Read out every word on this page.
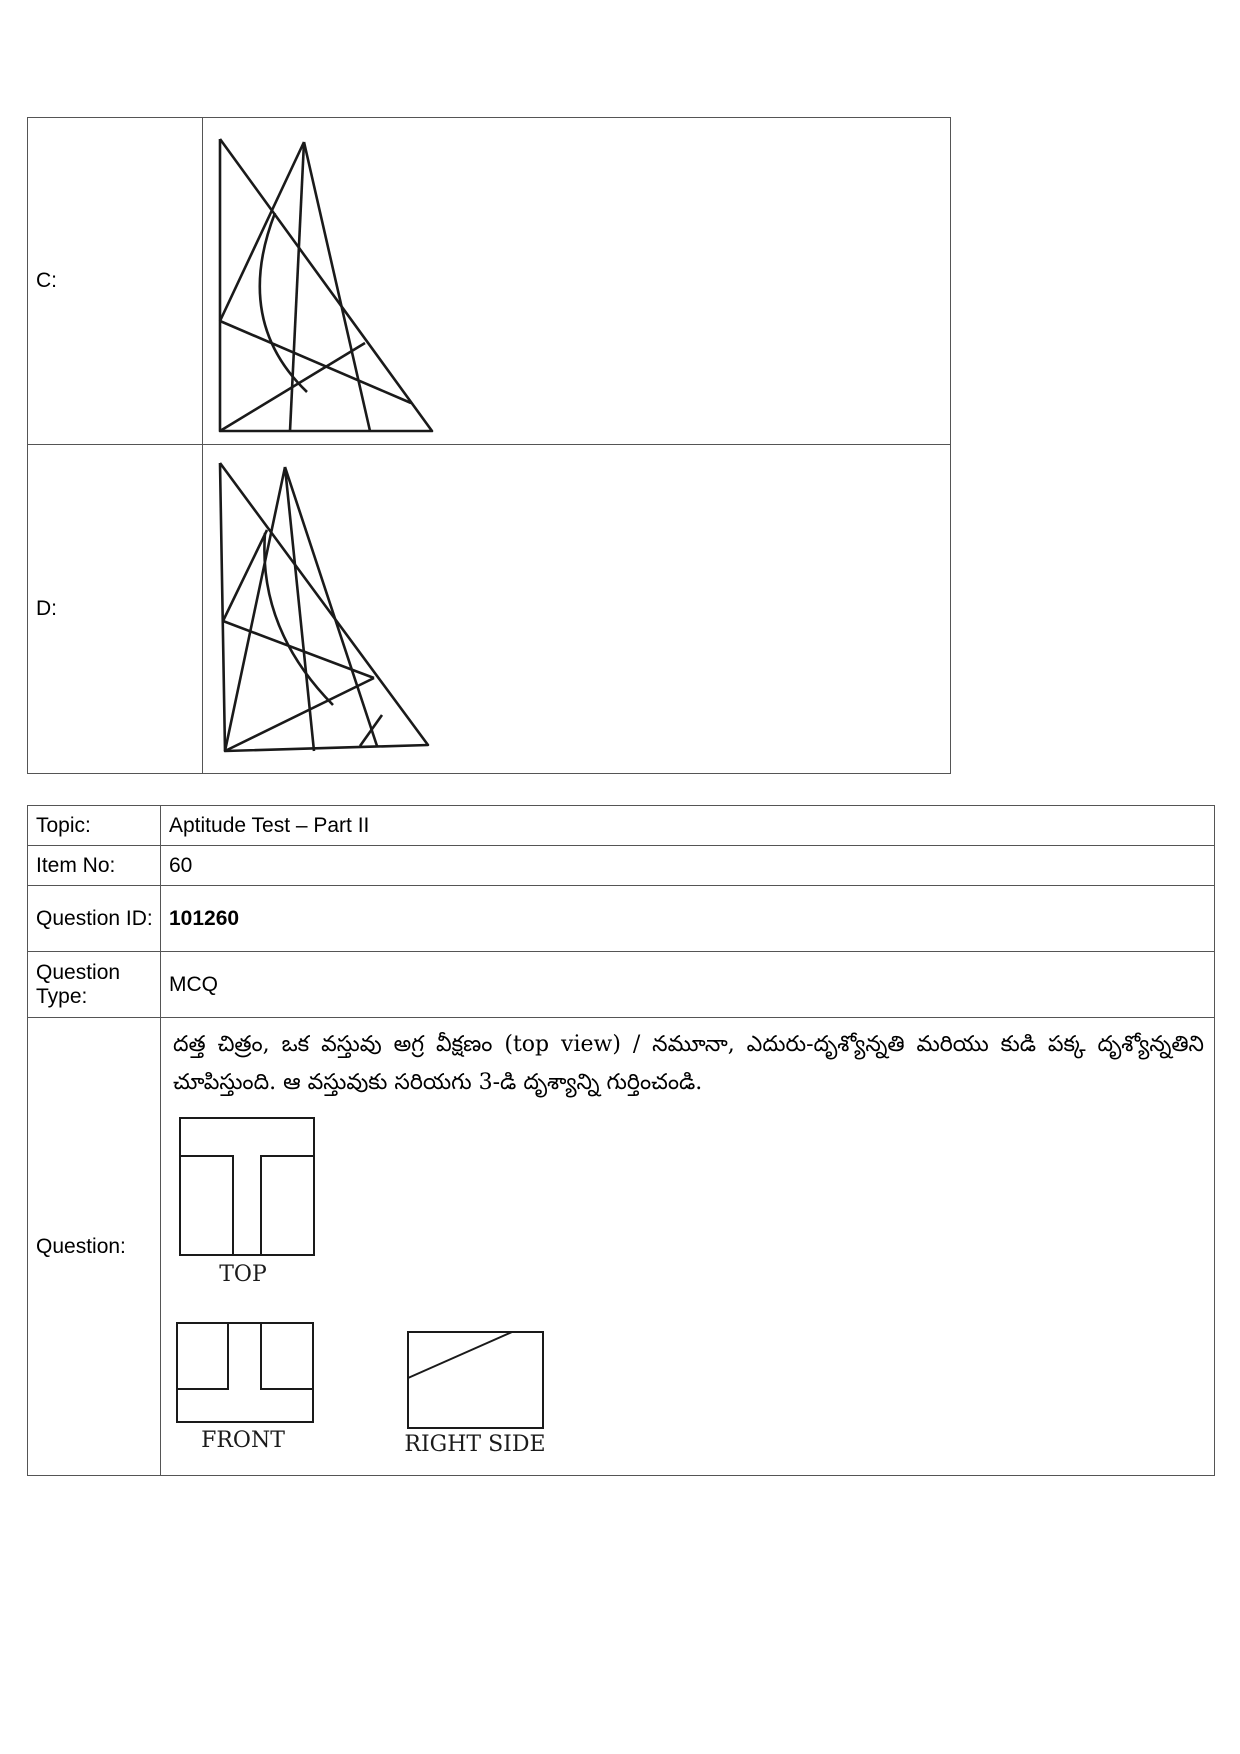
C:	

D:	
Topic:	Aptitude Test – Part II
Item No:	60
Question ID:	101260
Question Type:	MCQ
Question:	దత్త చిత్రం, ఒక వస్తువు అగ్ర వీక్షణం (top view) / నమూనా, ఎదురు-దృశ్యోన్నతి మరియు కుడి పక్క దృశ్యోన్నతిని చూపిస్తుంది. ఆ వస్తువుకు సరియగు 3-డి దృశ్యాన్ని గుర్తించండి.
TOP
FRONT RIGHT SIDE
